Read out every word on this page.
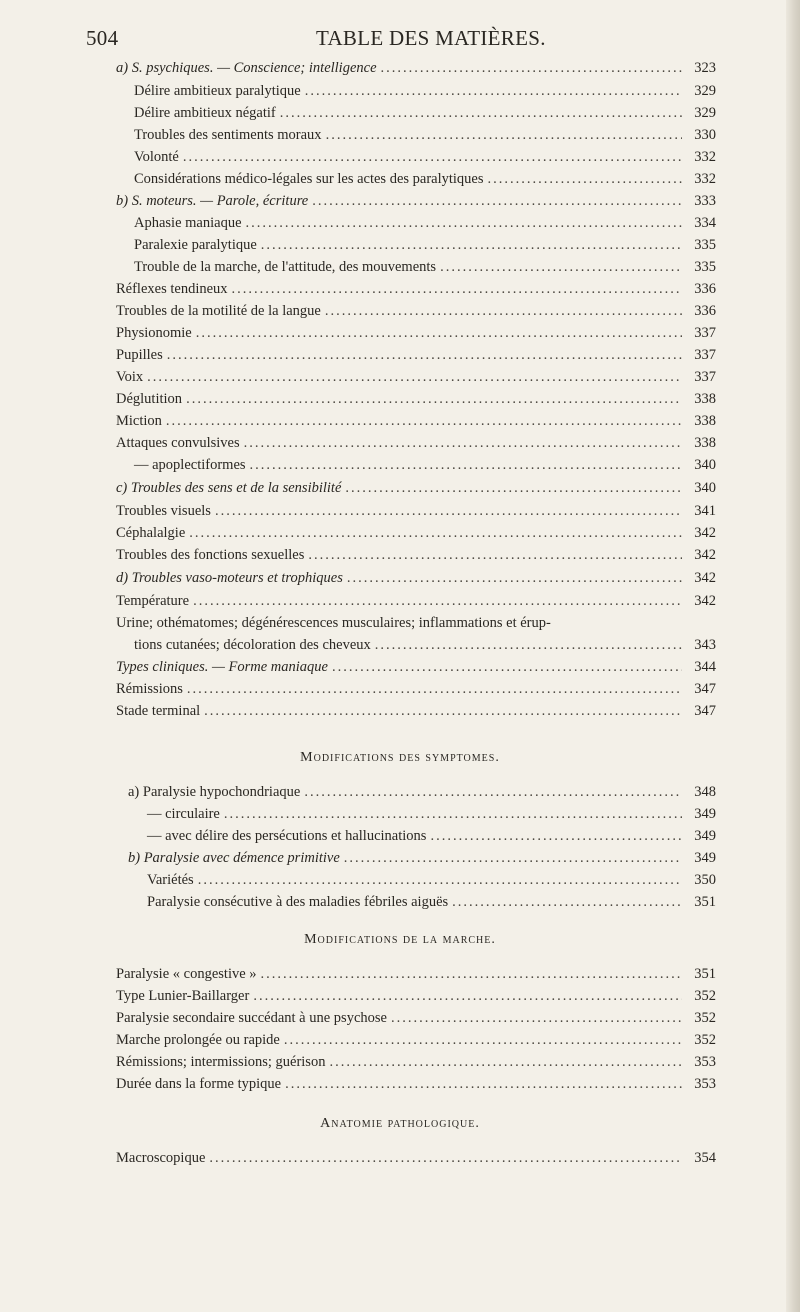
504	TABLE DES MATIÈRES.
a) S. psychiques. — Conscience; intelligence .....	323
Délire ambitieux paralytique .....	329
Délire ambitieux négatif .....	329
Troubles des sentiments moraux .....	330
Volonté .....	332
Considérations médico-légales sur les actes des paralytiques .....	332
b) S. moteurs. — Parole, écriture .....	333
Aphasie maniaque .....	334
Paralexie paralytique .....	335
Trouble de la marche, de l'attitude, des mouvements .....	335
Réflexes tendineux .....	336
Troubles de la motilité de la langue .....	336
Physionomie .....	337
Pupilles .....	337
Voix .....	337
Déglutition .....	338
Miction .....	338
Attaques convulsives .....	338
— apoplectiformes .....	340
c) Troubles des sens et de la sensibilité .....	340
Troubles visuels .....	341
Céphalalgie .....	342
Troubles des fonctions sexuelles .....	342
d) Troubles vaso-moteurs et trophiques .....	342
Température .....	342
Urine; othématomes; dégénérescences musculaires; inflammations et érup-
tions cutanées; décoloration des cheveux .....	343
Types cliniques. — Forme maniaque .....	344
Rémissions .....	347
Stade terminal .....	347
Modifications des symptomes.
a) Paralysie hypochondriaque .....	348
— circulaire .....	349
— avec délire des persécutions et hallucinations .....	349
b) Paralysie avec démence primitive .....	349
Variétés .....	350
Paralysie consécutive à des maladies fébriles aiguës .....	351
Modifications de la marche.
Paralysie « congestive » .....	351
Type Lunier-Baillarger .....	352
Paralysie secondaire succédant à une psychose .....	352
Marche prolongée ou rapide .....	352
Rémissions; intermissions; guérison .....	353
Durée dans la forme typique .....	353
Anatomie pathologique.
Macroscopique .....	354
